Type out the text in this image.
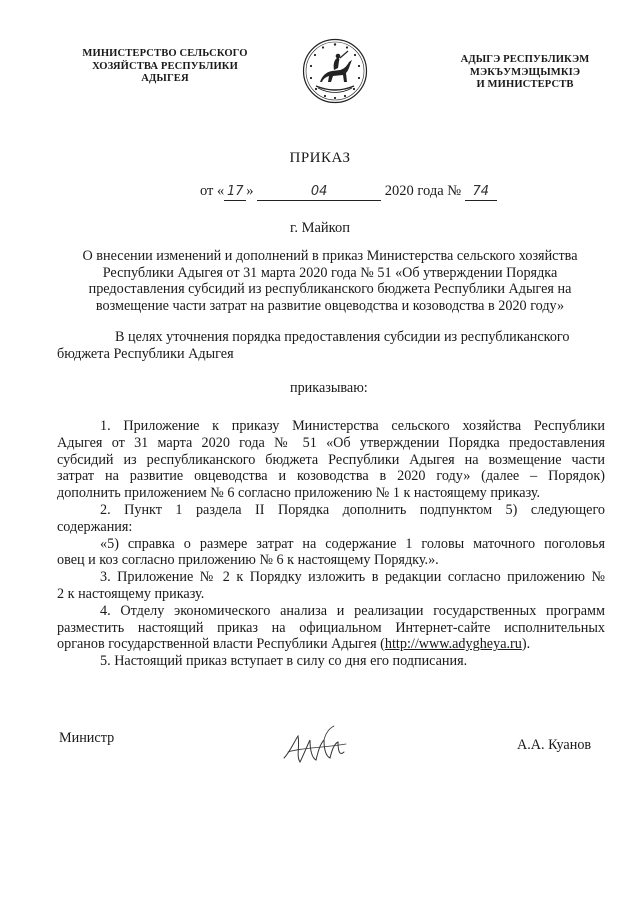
МИНИСТЕРСТВО СЕЛЬСКОГО
ХОЗЯЙСТВА РЕСПУБЛИКИ
АДЫГЕЯ
АДЫГЭ РЕСПУБЛИКЭМ
МЭКЪУМЭЩЫМКIЭ
И МИНИСТЕРСТВ
ПРИКАЗ
от « 17 »	04	2020 года № 74
г. Майкоп
О внесении изменений и дополнений в приказ Министерства сельского хозяйства
Республики Адыгея от 31 марта 2020 года № 51 «Об утверждении Порядка
предоставления субсидий из республиканского бюджета Республики Адыгея на
возмещение части затрат на развитие овцеводства и козоводства в 2020 году»
В целях уточнения порядка предоставления субсидии из республиканского
бюджета Республики Адыгея
приказываю:
1. Приложение к приказу Министерства сельского хозяйства Республики
Адыгея от 31 марта 2020 года № 51 «Об утверждении Порядка предоставления
субсидий из республиканского бюджета Республики Адыгея на возмещение части
затрат на развитие овцеводства и козоводства в 2020 году» (далее – Порядок)
дополнить приложением № 6 согласно приложению № 1 к настоящему приказу.
2. Пункт 1 раздела II Порядка дополнить подпунктом 5) следующего
содержания:
«5) справка о размере затрат на содержание 1 головы маточного поголовья
овец и коз согласно приложению № 6 к настоящему Порядку.».
3. Приложение № 2 к Порядку изложить в редакции согласно приложению №
2 к настоящему приказу.
4. Отделу экономического анализа и реализации государственных программ
разместить настоящий приказ на официальном Интернет-сайте исполнительных
органов государственной власти Республики Адыгея (http://www.adygheya.ru).
5. Настоящий приказ вступает в силу со дня его подписания.
Министр	А.А. Куанов
